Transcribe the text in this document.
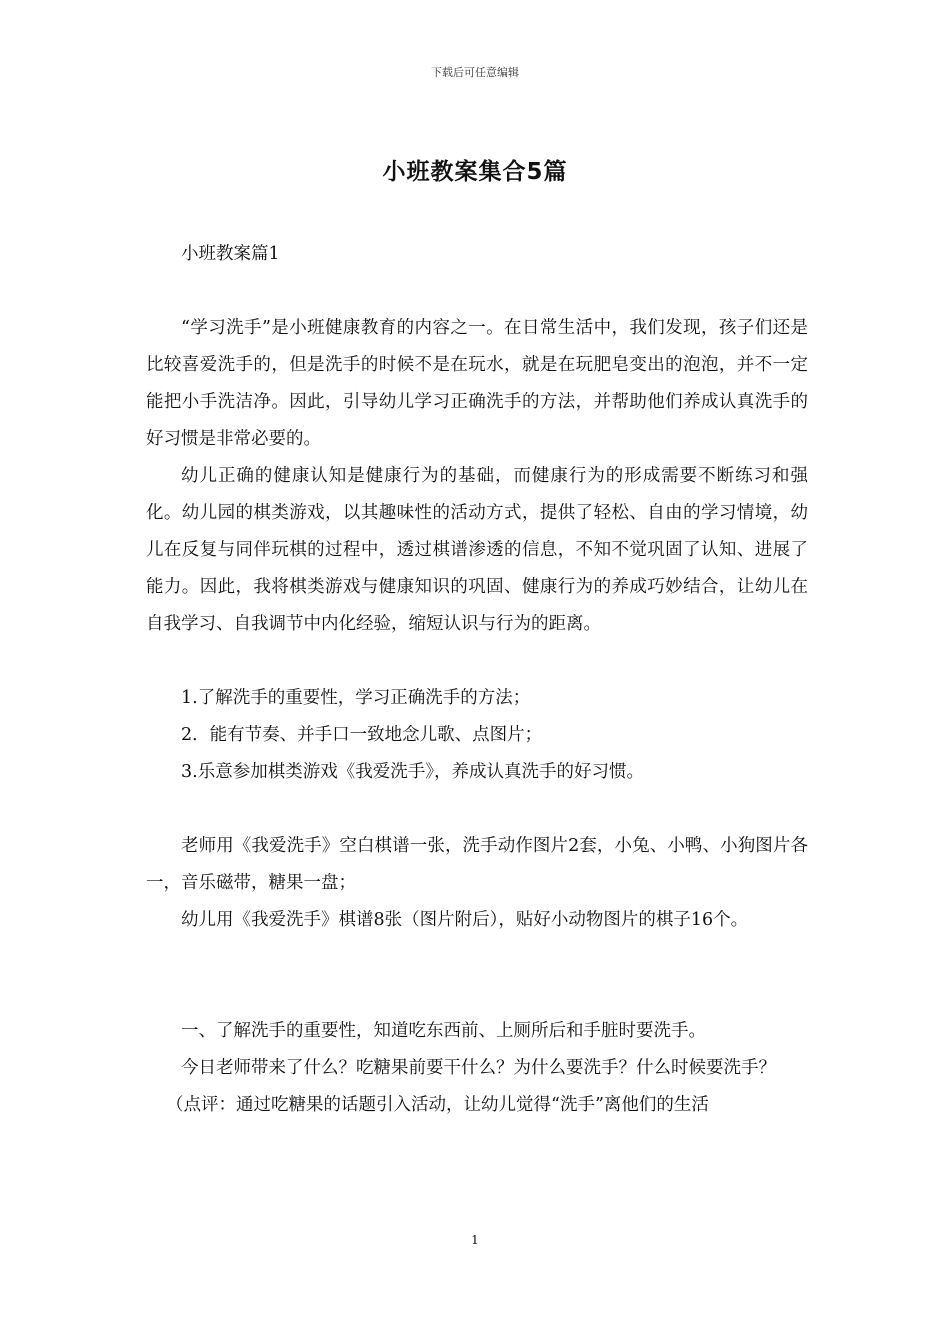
下载后可任意编辑
小班教案集合5篇

小班教案篇1

“学习洗手”是小班健康教育的内容之一。在日常生活中，我们发现，孩子们还是比较喜爱洗手的，但是洗手的时候不是在玩水，就是在玩肥皂变出的泡泡，并不一定能把小手洗洁净。因此，引导幼儿学习正确洗手的方法，并帮助他们养成认真洗手的好习惯是非常必要的。

幼儿正确的健康认知是健康行为的基础，而健康行为的形成需要不断练习和强化。幼儿园的棋类游戏，以其趣味性的活动方式，提供了轻松、自由的学习情境，幼儿在反复与同伴玩棋的过程中，透过棋谱渗透的信息，不知不觉巩固了认知、进展了能力。因此，我将棋类游戏与健康知识的巩固、健康行为的养成巧妙结合，让幼儿在自我学习、自我调节中内化经验，缩短认识与行为的距离。

1.了解洗手的重要性，学习正确洗手的方法；

2．能有节奏、并手口一致地念儿歌、点图片；

3.乐意参加棋类游戏《我爱洗手》，养成认真洗手的好习惯。

老师用《我爱洗手》空白棋谱一张，洗手动作图片2套，小兔、小鸭、小狗图片各一，音乐磁带，糖果一盘；

幼儿用《我爱洗手》棋谱8张（图片附后），贴好小动物图片的棋子16个。

一、了解洗手的重要性，知道吃东西前、上厕所后和手脏时要洗手。

今日老师带来了什么？吃糖果前要干什么？为什么要洗手？什么时候要洗手？

（点评：通过吃糖果的话题引入活动，让幼儿觉得“洗手”离他们的生活

1
